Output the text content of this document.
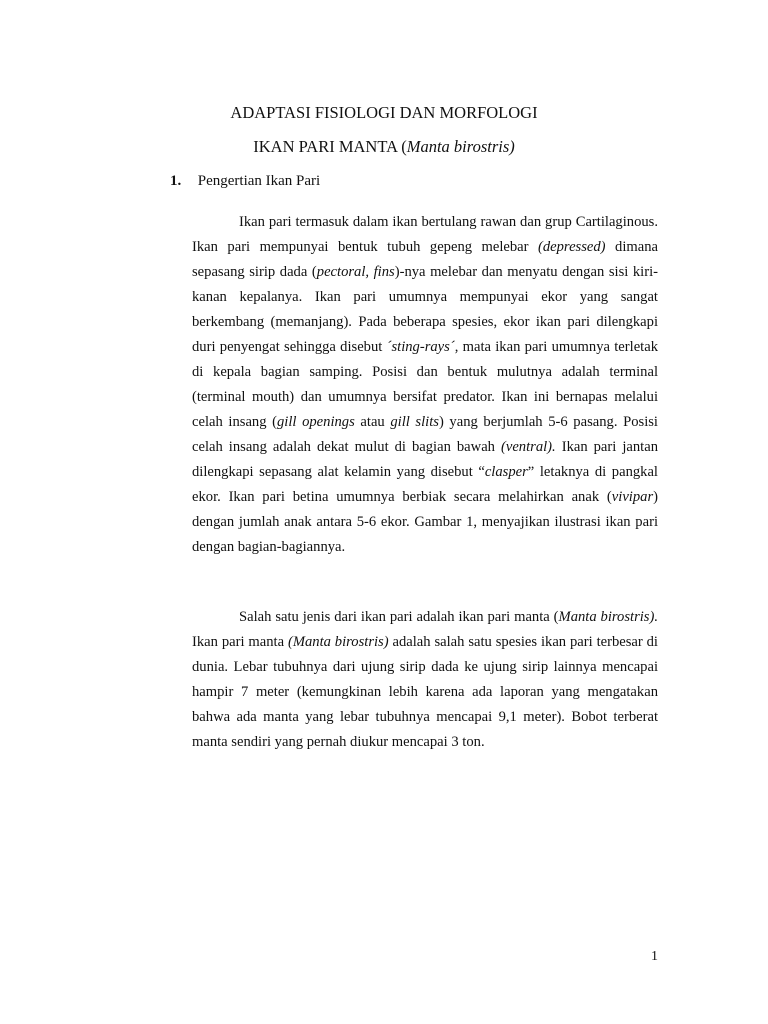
ADAPTASI FISIOLOGI DAN MORFOLOGI
IKAN PARI MANTA (Manta birostris)
1. Pengertian Ikan Pari

Ikan pari termasuk dalam ikan bertulang rawan dan grup Cartilaginous. Ikan pari mempunyai bentuk tubuh gepeng melebar (depressed) dimana sepasang sirip dada (pectoral, fins)-nya melebar dan menyatu dengan sisi kiri-kanan kepalanya. Ikan pari umumnya mempunyai ekor yang sangat berkembang (memanjang). Pada beberapa spesies, ekor ikan pari dilengkapi duri penyengat sehingga disebut ´sting-rays´, mata ikan pari umumnya terletak di kepala bagian samping. Posisi dan bentuk mulutnya adalah terminal (terminal mouth) dan umumnya bersifat predator. Ikan ini bernapas melalui celah insang (gill openings atau gill slits) yang berjumlah 5-6 pasang. Posisi celah insang adalah dekat mulut di bagian bawah (ventral). Ikan pari jantan dilengkapi sepasang alat kelamin yang disebut “clasper” letaknya di pangkal ekor. Ikan pari betina umumnya berbiak secara melahirkan anak (vivipar) dengan jumlah anak antara 5-6 ekor. Gambar 1, menyajikan ilustrasi ikan pari dengan bagian-bagiannya.

Salah satu jenis dari ikan pari adalah ikan pari manta (Manta birostris). Ikan pari manta (Manta birostris) adalah salah satu spesies ikan pari terbesar di dunia. Lebar tubuhnya dari ujung sirip dada ke ujung sirip lainnya mencapai hampir 7 meter (kemungkinan lebih karena ada laporan yang mengatakan bahwa ada manta yang lebar tubuhnya mencapai 9,1 meter). Bobot terberat manta sendiri yang pernah diukur mencapai 3 ton.

1
